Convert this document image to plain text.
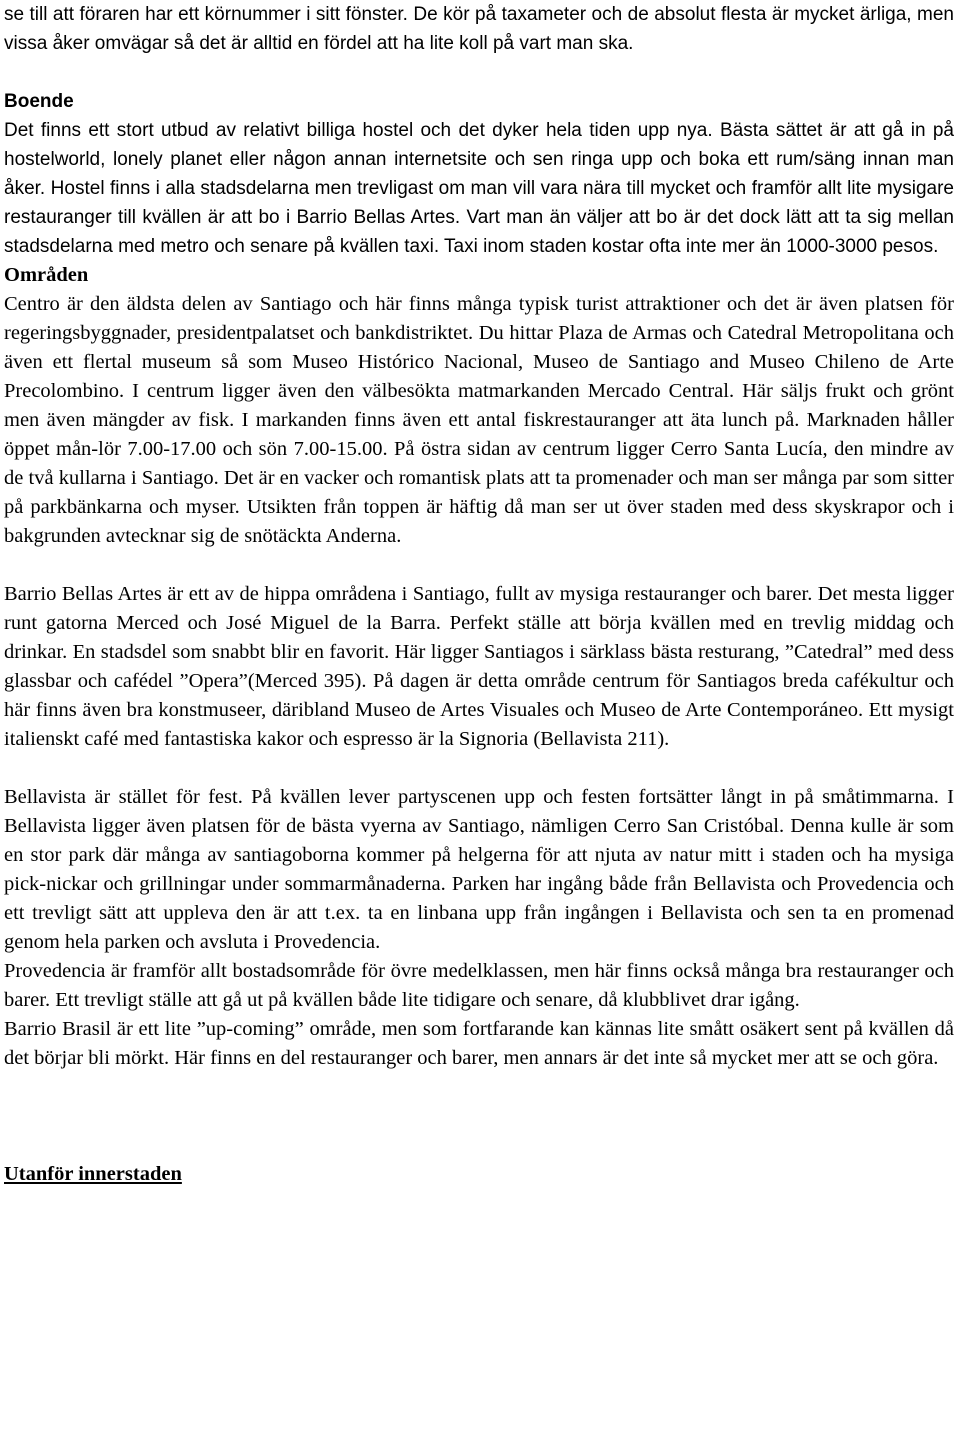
se till att föraren har ett körnummer i sitt fönster. De kör på taxameter och de absolut flesta är mycket ärliga, men vissa åker omvägar så det är alltid en fördel att ha lite koll på vart man ska.

Boende

Det finns ett stort utbud av relativt billiga hostel och det dyker hela tiden upp nya. Bästa sättet är att gå in på hostelworld, lonely planet eller någon annan internetsite och sen ringa upp och boka ett rum/säng innan man åker. Hostel finns i alla stadsdelarna men trevligast om man vill vara nära till mycket och framför allt lite mysigare restauranger till kvällen är att bo i Barrio Bellas Artes. Vart man än väljer att bo är det dock lätt att ta sig mellan stadsdelarna med metro och senare på kvällen taxi. Taxi inom staden kostar ofta inte mer än 1000-3000 pesos.

Områden

Centro är den äldsta delen av Santiago och här finns många typisk turist attraktioner och det är även platsen för regeringsbyggnader, presidentpalatset och bankdistriktet. Du hittar Plaza de Armas och Catedral Metropolitana och även ett flertal museum så som Museo Histórico Nacional, Museo de Santiago and Museo Chileno de Arte Precolombino. I centrum ligger även den välbesökta matmarkanden Mercado Central. Här säljs frukt och grönt men även mängder av fisk. I markanden finns även ett antal fiskrestauranger att äta lunch på. Marknaden håller öppet mån-lör 7.00-17.00 och sön 7.00-15.00. På östra sidan av centrum ligger Cerro Santa Lucía, den mindre av de två kullarna i Santiago. Det är en vacker och romantisk plats att ta promenader och man ser många par som sitter på parkbänkarna och myser. Utsikten från toppen är häftig då man ser ut över staden med dess skyskrapor och i bakgrunden avtecknar sig de snötäckta Anderna.

Barrio Bellas Artes är ett av de hippa områdena i Santiago, fullt av mysiga restauranger och barer. Det mesta ligger runt gatorna Merced och José Miguel de la Barra. Perfekt ställe att börja kvällen med en trevlig middag och drinkar. En stadsdel som snabbt blir en favorit. Här ligger Santiagos i särklass bästa resturang, ”Catedral” med dess glassbar och cafédel ”Opera”(Merced 395). På dagen är detta område centrum för Santiagos breda cafékultur och här finns även bra konstmuseer, däribland Museo de Artes Visuales och Museo de Arte Contemporáneo. Ett mysigt italienskt café med fantastiska kakor och espresso är la Signoria (Bellavista 211).

Bellavista är stället för fest. På kvällen lever partyscenen upp och festen fortsätter långt in på småtimmarna. I Bellavista ligger även platsen för de bästa vyerna av Santiago, nämligen Cerro San Cristóbal. Denna kulle är som en stor park där många av santiagoborna kommer på helgerna för att njuta av natur mitt i staden och ha mysiga pick-nickar och grillningar under sommarmånaderna. Parken har ingång både från Bellavista och Provedencia och ett trevligt sätt att uppleva den är att t.ex. ta en linbana upp från ingången i Bellavista och sen ta en promenad genom hela parken och avsluta i Provedencia.

Provedencia är framför allt bostadsområde för övre medelklassen, men här finns också många bra restauranger och barer. Ett trevligt ställe att gå ut på kvällen både lite tidigare och senare, då klubblivet drar igång.

Barrio Brasil är ett lite ”up-coming” område, men som fortfarande kan kännas lite smått osäkert sent på kvällen då det börjar bli mörkt. Här finns en del restauranger och barer, men annars är det inte så mycket mer att se och göra.

Utanför innerstaden
